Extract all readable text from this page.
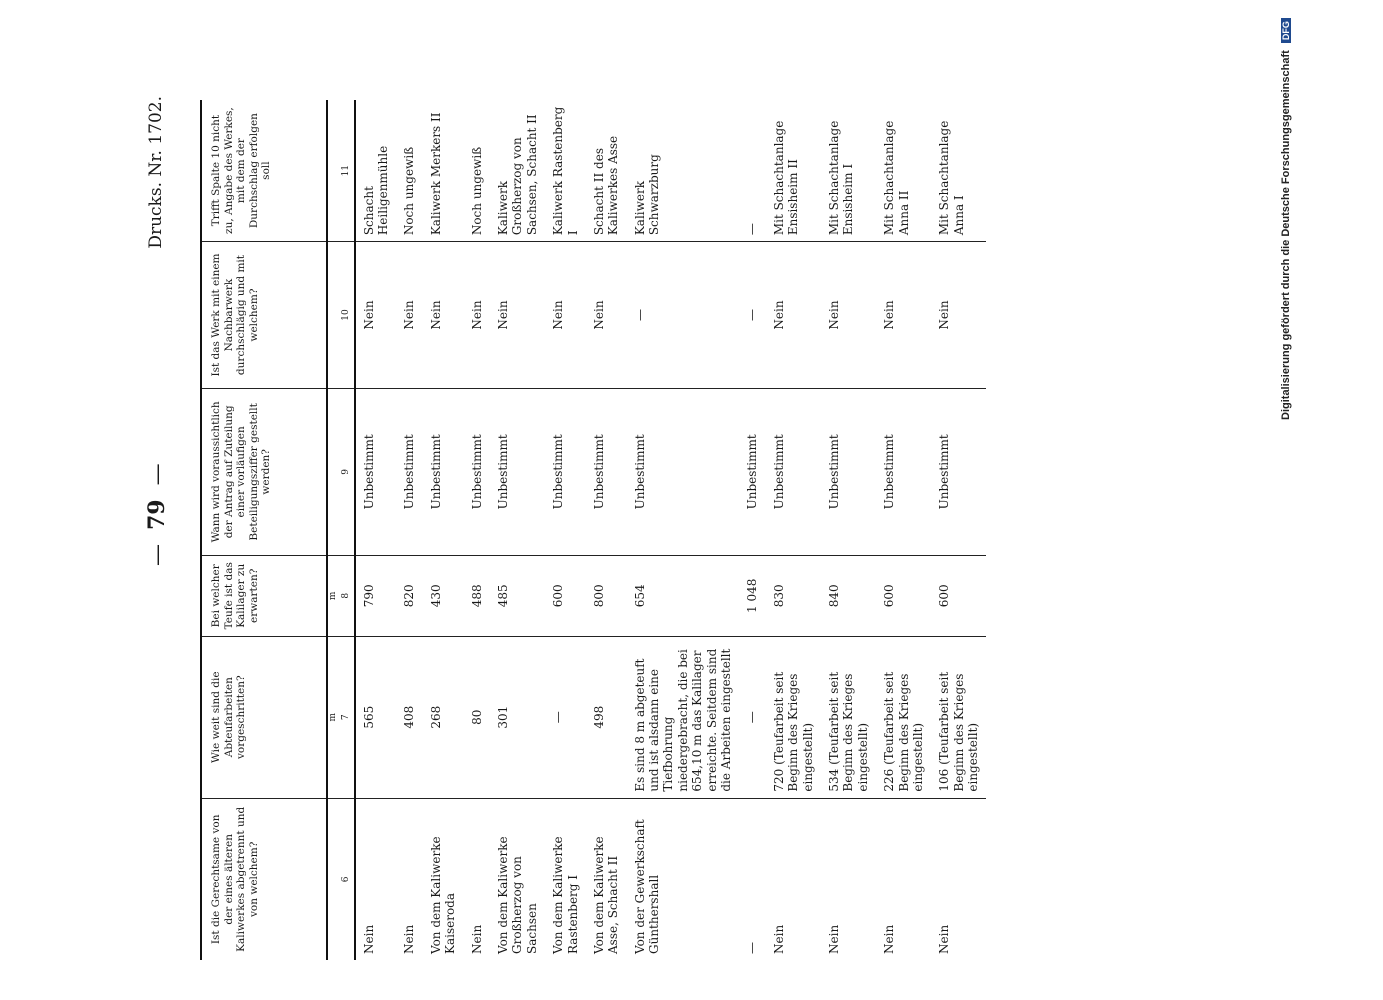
Digitalisierung gefördert durch die Deutsche Forschungsgemeinschaft DFG
— 79 —
Drucks. Nr. 1702.
Ist die Gerechtsame von der eines älteren Kaliwerkes abgetrennt und von welchem?	Wie weit sind die Abteufarbeiten vorgeschritten?	Bei welcher Teufe ist das Kalilager zu erwarten?	Wann wird voraussichtlich der Antrag auf Zuteilung einer vorläufigen Beteiligungsziffer gestellt werden?	Ist das Werk mit einem Nachbarwerk durchschlägig und mit welchem?	Trifft Spalte 10 nicht zu, Angabe des Werkes, mit dem der Durchschlag erfolgen soll
	m	m			
6	7	8	9	10	11
Nein	565	790	Unbestimmt	Nein	Schacht Heiligenmühle
Nein	408	820	Unbestimmt	Nein	Noch ungewiß
Von dem Kaliwerke Kaiseroda	268	430	Unbestimmt	Nein	Kaliwerk Merkers II
Nein	80	488	Unbestimmt	Nein	Noch ungewiß
Von dem Kaliwerke Großherzog von Sachsen	301	485	Unbestimmt	Nein	Kaliwerk Großherzog von Sachsen, Schacht II
Von dem Kaliwerke Rastenberg I	—	600	Unbestimmt	Nein	Kaliwerk Rastenberg I
Von dem Kaliwerke Asse, Schacht II	498	800	Unbestimmt	Nein	Schacht II des Kaliwerkes Asse
Von der Gewerkschaft Günthershall	Es sind 8 m abgeteuft und ist alsdann eine Tiefbohrung niedergebracht, die bei 654,10 m das Kalilager erreichte. Seitdem sind die Arbeiten eingestellt	654	Unbestimmt	—	Kaliwerk Schwarzburg
—	—	1 048	Unbestimmt	—	—
Nein	720 (Teufarbeit seit Beginn des Krieges eingestellt)	830	Unbestimmt	Nein	Mit Schachtanlage Ensisheim II
Nein	534 (Teufarbeit seit Beginn des Krieges eingestellt)	840	Unbestimmt	Nein	Mit Schachtanlage Ensisheim I
Nein	226 (Teufarbeit seit Beginn des Krieges eingestellt)	600	Unbestimmt	Nein	Mit Schachtanlage Anna II
Nein	106 (Teufarbeit seit Beginn des Krieges eingestellt)	600	Unbestimmt	Nein	Mit Schachtanlage Anna I
